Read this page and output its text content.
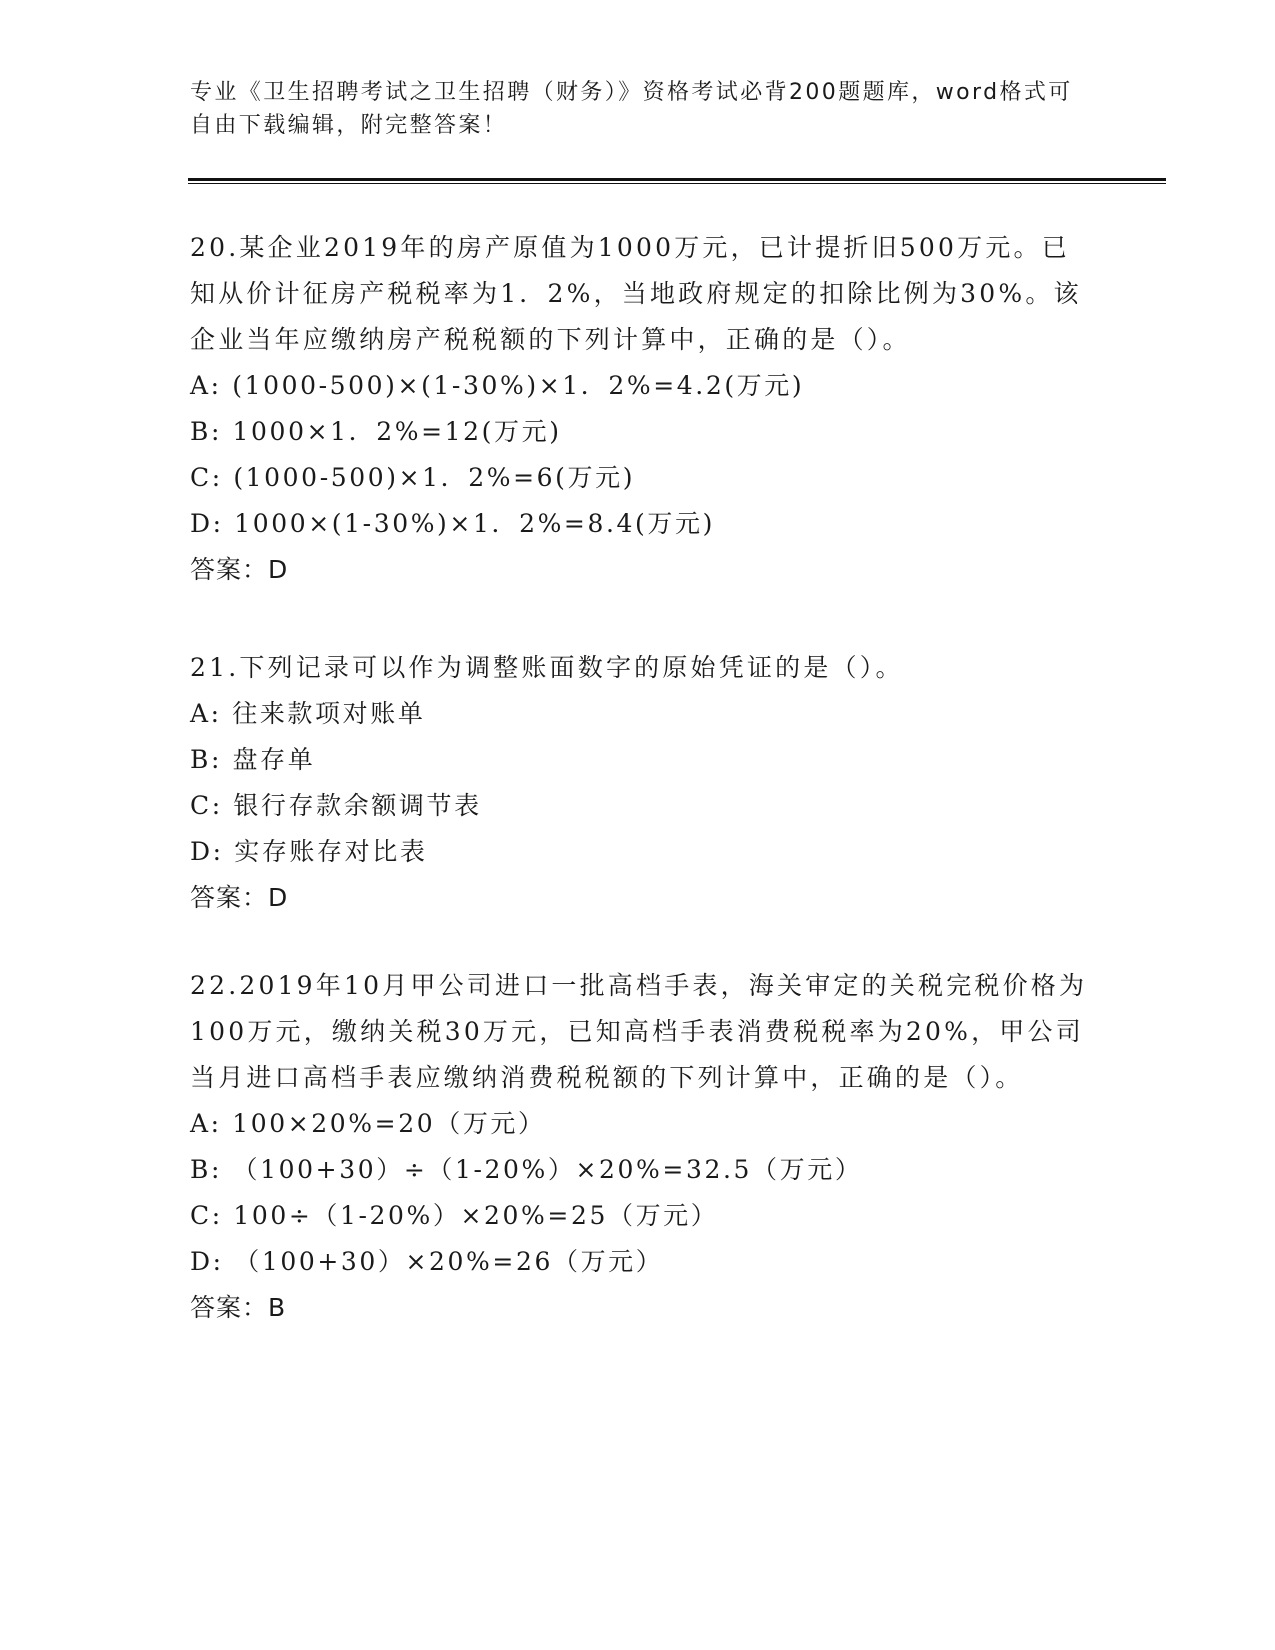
专业《卫生招聘考试之卫生招聘（财务）》资格考试必背200题题库，word格式可自由下载编辑，附完整答案！
20.某企业2019年的房产原值为1000万元，已计提折旧500万元。已知从价计征房产税税率为1．2%，当地政府规定的扣除比例为30%。该企业当年应缴纳房产税税额的下列计算中，正确的是（）。
A: (1000-500)×(1-30%)×1．2%=4.2(万元)
B: 1000×1．2%=12(万元)
C: (1000-500)×1．2%=6(万元)
D: 1000×(1-30%)×1．2%=8.4(万元)
答案：D
21.下列记录可以作为调整账面数字的原始凭证的是（）。
A: 往来款项对账单
B: 盘存单
C: 银行存款余额调节表
D: 实存账存对比表
答案：D
22.2019年10月甲公司进口一批高档手表，海关审定的关税完税价格为100万元，缴纳关税30万元，已知高档手表消费税税率为20%，甲公司当月进口高档手表应缴纳消费税税额的下列计算中，正确的是（）。
A: 100×20%=20（万元）
B: （100+30）÷（1-20%）×20%=32.5（万元）
C: 100÷（1-20%）×20%=25（万元）
D: （100+30）×20%=26（万元）
答案：B
